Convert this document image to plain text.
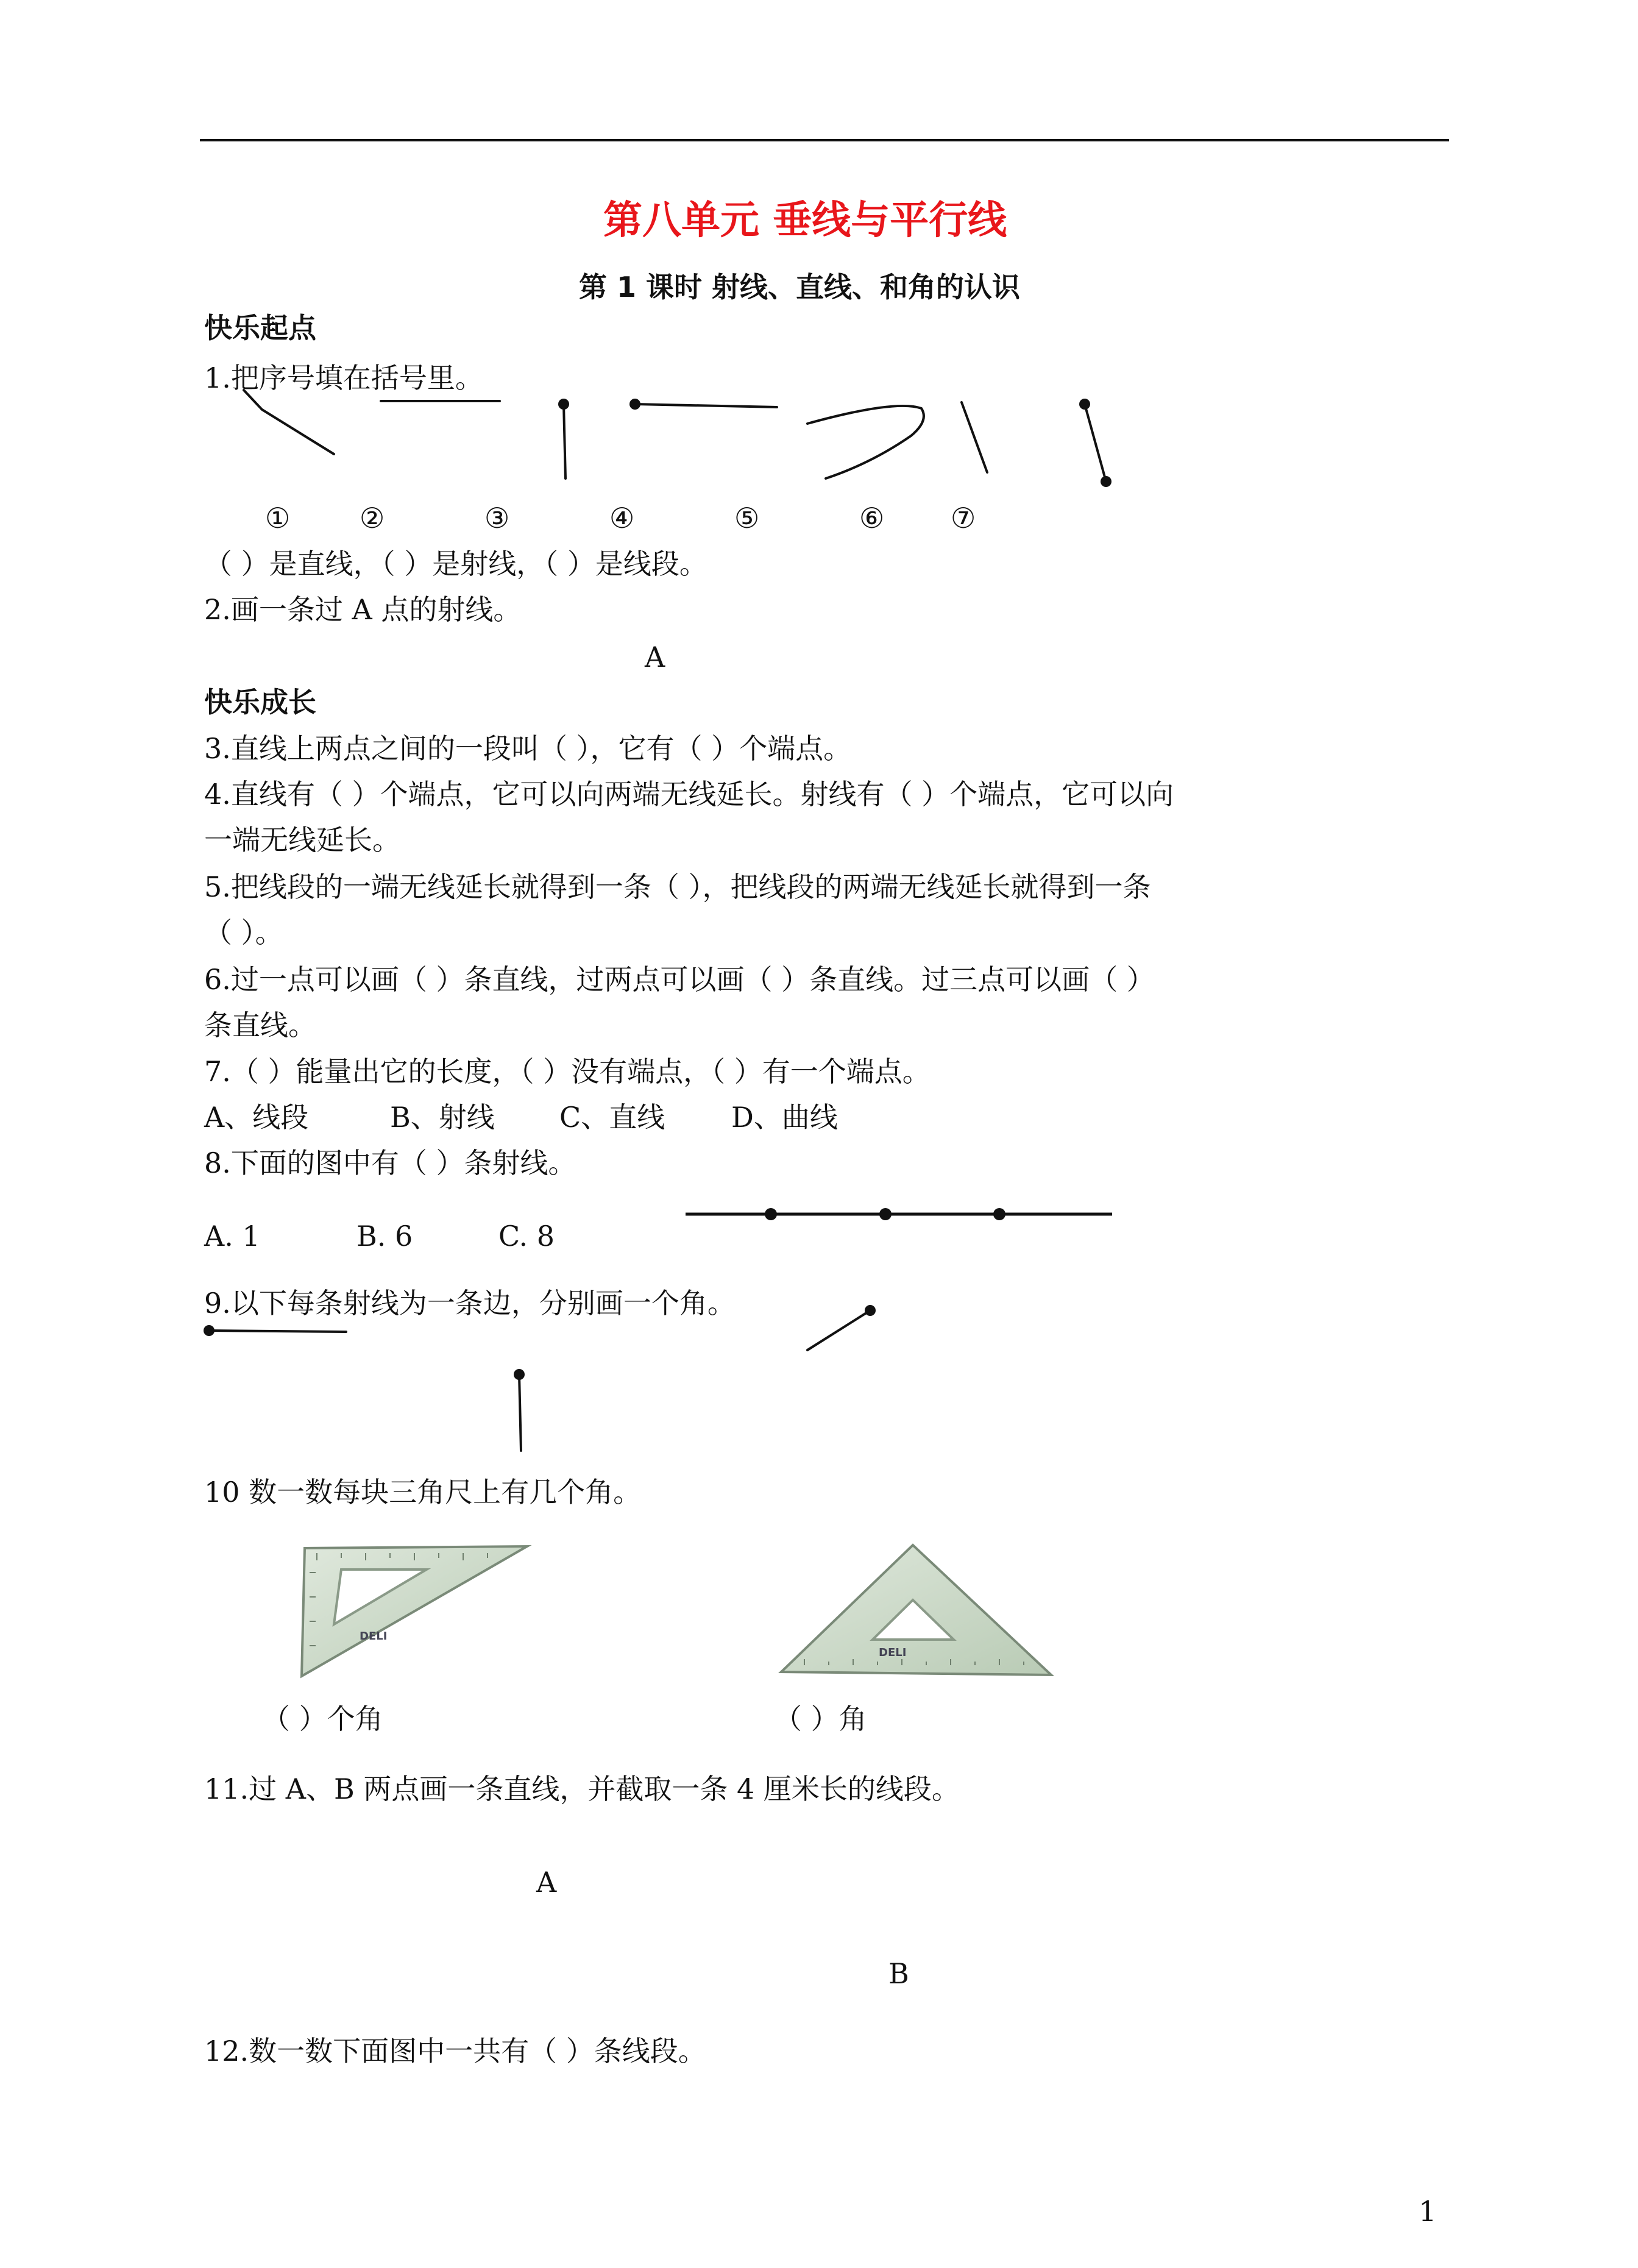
第八单元 垂线与平行线
第 1 课时 射线、直线、和角的认识
快乐起点
1.把序号填在括号里。
① ②	③	④	⑤	⑥ ⑦
（ ）是直线，（ ）是射线，（ ）是线段。
2.画一条过 A 点的射线。
A
快乐成长
3.直线上两点之间的一段叫（ ），它有（ ）个端点。
4.直线有（ ）个端点，它可以向两端无线延长。射线有（ ）个端点，它可以向
一端无线延长。
5.把线段的一端无线延长就得到一条（ ），把线段的两端无线延长就得到一条
（ ）。
6.过一点可以画（ ）条直线，过两点可以画（ ）条直线。过三点可以画（ ）
条直线。
7.（ ）能量出它的长度，（ ）没有端点，（ ）有一个端点。
A、线段	B、射线 C、直线 D、曲线
8.下面的图中有（ ）条射线。
A. 1	B. 6	C. 8
9.以下每条射线为一条边，分别画一个角。
10 数一数每块三角尺上有几个角。
DELI
DELI
（ ）个角	（ ）角
11.过 A、B 两点画一条直线，并截取一条 4 厘米长的线段。
A
B
12.数一数下面图中一共有（ ）条线段。
1
